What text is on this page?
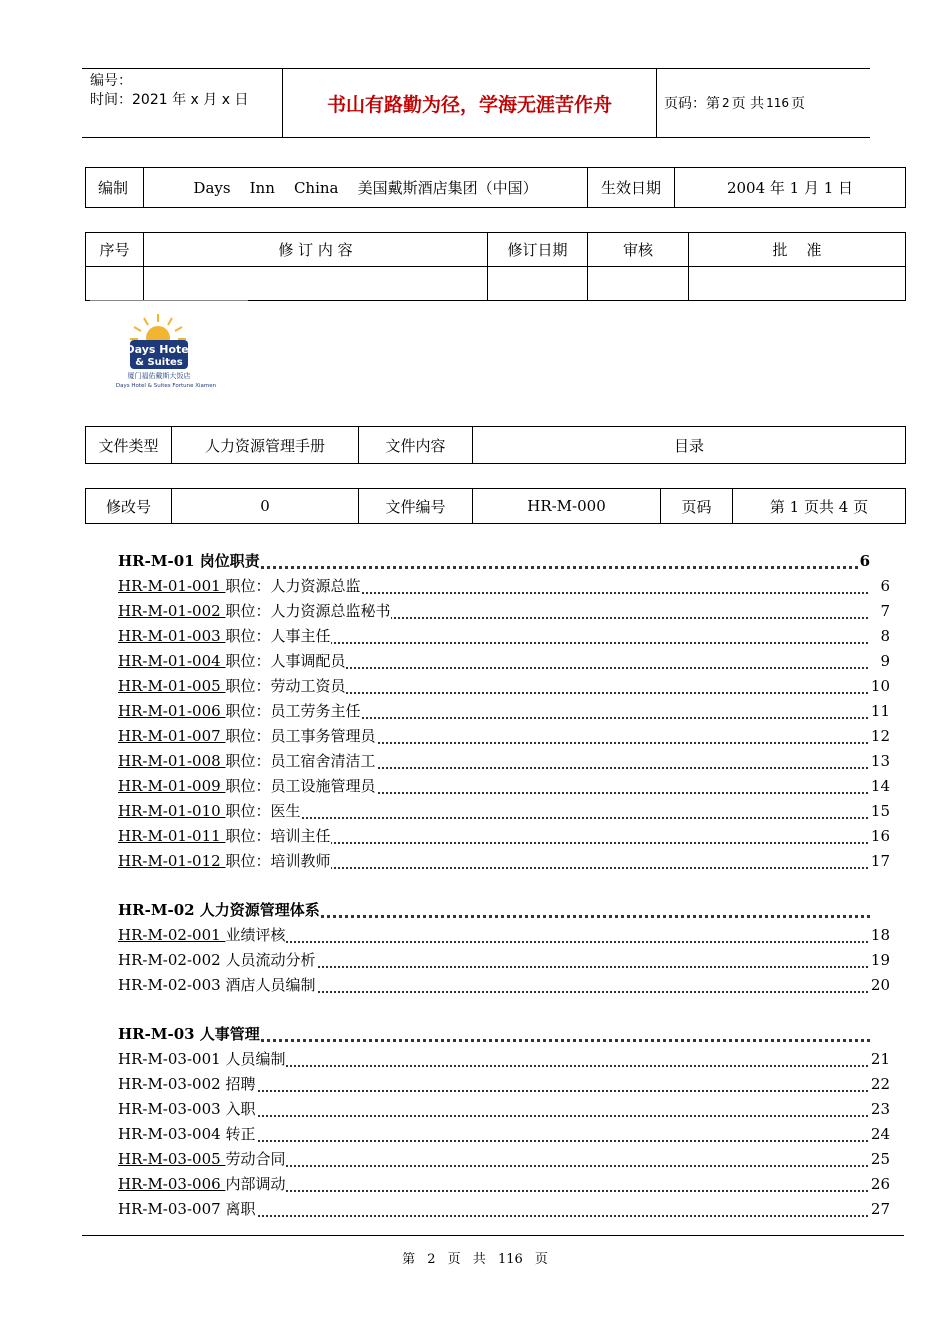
编号：
时间：2021 年 x 月 x 日	书山有路勤为径，学海无涯苦作舟	页码：第 2 页 共 116 页
编制	Days    Inn    China    美国戴斯酒店集团（中国）	生效日期	2004 年 1 月 1 日
序号	修 订 内 容	修订日期	审核	批    准

Days Hotel
& Suites
厦门福佑戴斯大饭店
Days Hotel & Suites Fortune Xiamen
文件类型	人力资源管理手册	文件内容	目录
修改号	0	文件编号	HR-M-000	页码	第 1 页共 4 页
HR-M-01 岗位职责	6
HR-M-01-001 职位：人力资源总监	6
HR-M-01-002 职位：人力资源总监秘书	7
HR-M-01-003 职位：人事主任	8
HR-M-01-004 职位：人事调配员	9
HR-M-01-005 职位：劳动工资员	10
HR-M-01-006 职位：员工劳务主任	11
HR-M-01-007 职位：员工事务管理员	12
HR-M-01-008 职位：员工宿舍清洁工	13
HR-M-01-009 职位：员工设施管理员	14
HR-M-01-010 职位：医生	15
HR-M-01-011 职位：培训主任	16
HR-M-01-012 职位：培训教师	17
HR-M-02 人力资源管理体系
HR-M-02-001 业绩评核	18
HR-M-02-002 人员流动分析	19
HR-M-02-003 酒店人员编制	20
HR-M-03 人事管理
HR-M-03-001 人员编制	21
HR-M-03-002 招聘	22
HR-M-03-003 入职	23
HR-M-03-004 转正	24
HR-M-03-005 劳动合同	25
HR-M-03-006 内部调动	26
HR-M-03-007 离职	27
第 2 页 共 116 页
